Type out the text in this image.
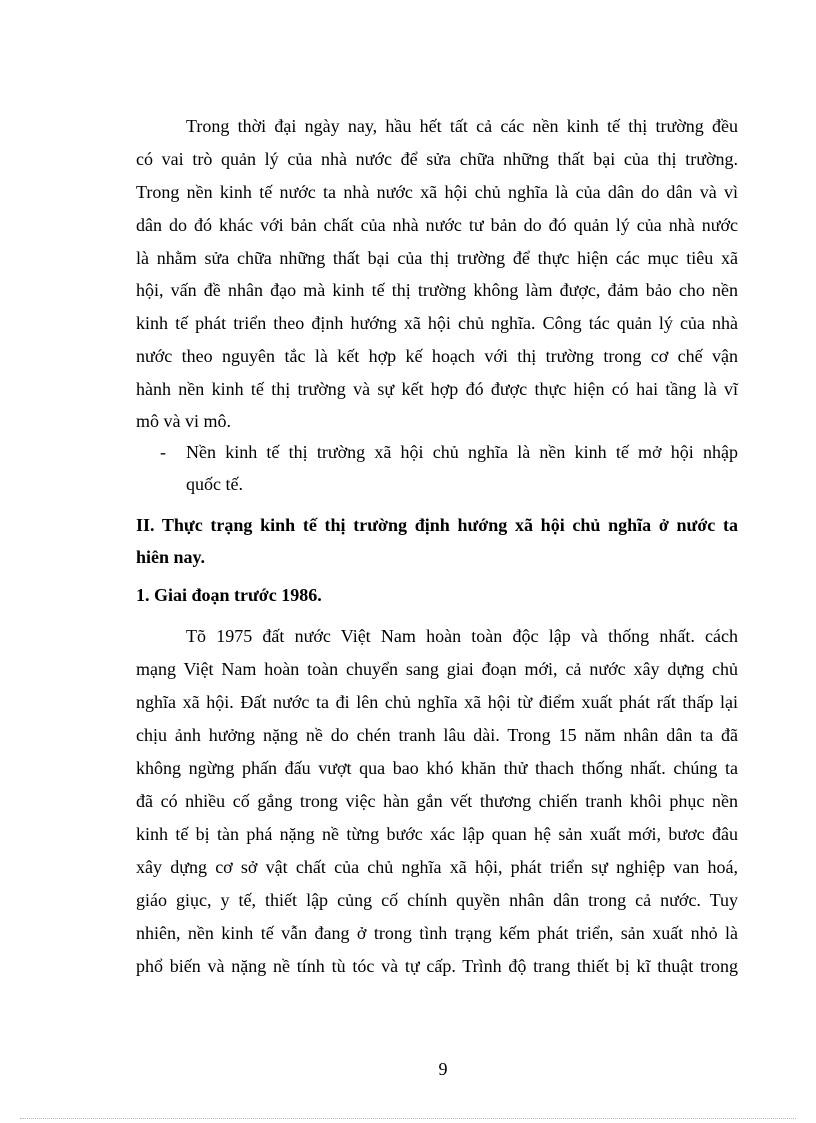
Trong thời đại ngày nay, hầu hết tất cả các nền kinh tế thị trường đều
có vai trò quản lý của nhà nước để sửa chữa những thất bại của thị trường.
Trong nền kinh tế nước ta nhà nước xã hội chủ nghĩa là của dân do dân và vì
dân do đó khác với bản chất của nhà nước tư bản do đó quản lý của nhà nước
là nhằm sửa chữa những thất bại của thị trường để thực hiện các mục tiêu xã
hội, vấn đề nhân đạo mà kinh tế thị trường không làm được, đảm bảo cho nền
kinh tế phát triển theo định hướng xã hội chủ nghĩa. Công tác quản lý của nhà
nước theo nguyên tắc là kết hợp kế hoạch với thị trường trong cơ chế vận
hành nền kinh tế thị trường và sự kết hợp đó được thực hiện có hai tầng là vĩ
mô và vi mô.
- Nền kinh tế thị trường xã hội chủ nghĩa là nền kinh tế mở hội nhập
quốc tế.
II. Thực trạng kinh tế thị trường định hướng xã hội chủ nghĩa ở nước ta
hiên nay.
1. Giai đoạn trước 1986.
Tõ 1975 đất nước Việt Nam hoàn toàn độc lập và thống nhất. cách
mạng Việt Nam hoàn toàn chuyển sang giai đoạn mới, cả nước xây dựng chủ
nghĩa xã hội. Đất nước ta đi lên chủ nghĩa xã hội từ điểm xuất phát rất thấp lại
chịu ảnh hưởng nặng nề do chén tranh lâu dài. Trong 15 năm nhân dân ta đã
không ngừng phấn đấu vượt qua bao khó khăn thử thach thống nhất. chúng ta
đã có nhiều cố gắng trong việc hàn gắn vết thương chiến tranh khôi phục nền
kinh tế bị tàn phá nặng nề từng bước xác lập quan hệ sản xuất mới, bươc đâu
xây dựng cơ sở vật chất của chủ nghĩa xã hội, phát triển sự nghiệp van hoá,
giáo giục, y tế, thiết lập củng cố chính quyền nhân dân trong cả nước. Tuy
nhiên, nền kinh tế vẫn đang ở trong tình trạng kếm phát triển, sản xuất nhỏ là
phổ biến và nặng nề tính tù tóc và tự cấp. Trình độ trang thiết bị kĩ thuật trong
9
